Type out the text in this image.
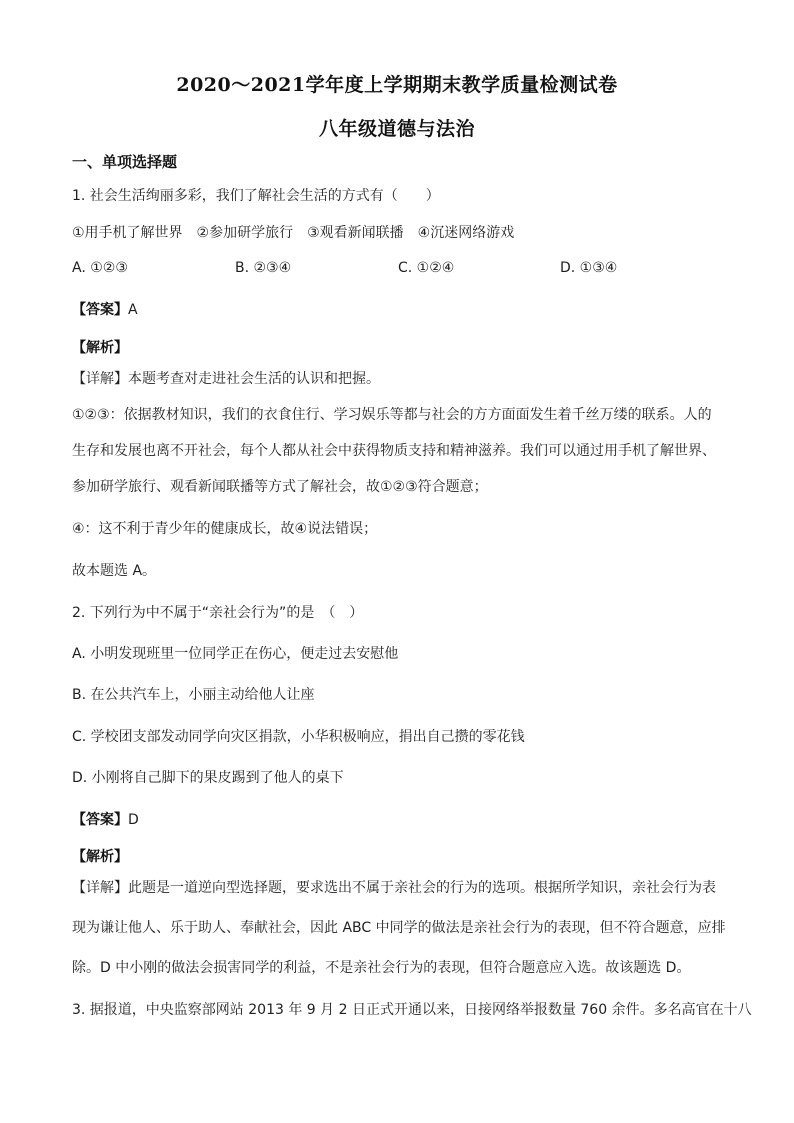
2020～2021学年度上学期期末教学质量检测试卷
八年级道德与法治
一、单项选择题
1. 社会生活绚丽多彩，我们了解社会生活的方式有（　　）
①用手机了解世界　②参加研学旅行　③观看新闻联播　④沉迷网络游戏
A. ①②③	B. ②③④	C. ①②④	D. ①③④
【答案】A
【解析】
【详解】本题考查对走进社会生活的认识和把握。
①②③：依据教材知识，我们的衣食住行、学习娱乐等都与社会的方方面面发生着千丝万缕的联系。人的
生存和发展也离不开社会，每个人都从社会中获得物质支持和精神滋养。我们可以通过用手机了解世界、
参加研学旅行、观看新闻联播等方式了解社会，故①②③符合题意；
④：这不利于青少年的健康成长，故④说法错误；
故本题选 A。
2. 下列行为中不属于“亲社会行为”的是　（　）
A. 小明发现班里一位同学正在伤心，便走过去安慰他
B. 在公共汽车上，小丽主动给他人让座
C. 学校团支部发动同学向灾区捐款，小华积极响应，捐出自己攒的零花钱
D. 小刚将自己脚下的果皮踢到了他人的桌下
【答案】D
【解析】
【详解】此题是一道逆向型选择题，要求选出不属于亲社会的行为的选项。根据所学知识，亲社会行为表
现为谦让他人、乐于助人、奉献社会，因此 ABC 中同学的做法是亲社会行为的表现，但不符合题意，应排
除。D 中小刚的做法会损害同学的利益，不是亲社会行为的表现，但符合题意应入选。故该题选 D。
3. 据报道，中央监察部网站 2013 年 9 月 2 日正式开通以来，日接网络举报数量 760 余件。多名高官在十八
